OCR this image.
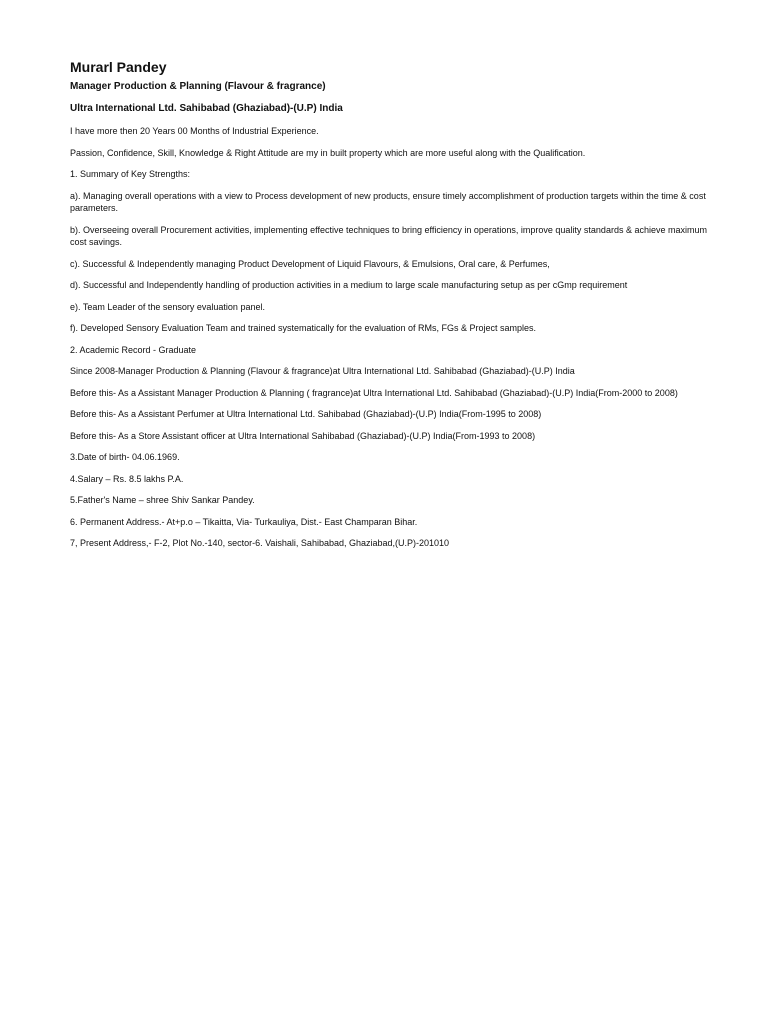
Murarl Pandey
Manager Production & Planning (Flavour & fragrance)
Ultra International Ltd. Sahibabad (Ghaziabad)-(U.P) India
I have more then 20 Years 00 Months of Industrial Experience.
Passion, Confidence, Skill, Knowledge & Right Attitude are my in built property which are more useful along with the Qualification.
1. Summary of Key Strengths:
a). Managing overall operations with a view to Process development of new products, ensure timely accomplishment of production targets within the time & cost parameters.
b). Overseeing overall Procurement activities, implementing effective techniques to bring efficiency in operations, improve quality standards & achieve maximum cost savings.
c). Successful & Independently managing Product Development of Liquid Flavours, & Emulsions, Oral care, & Perfumes,
d). Successful and Independently handling of production activities in a medium to large scale manufacturing setup as per cGmp requirement
e). Team Leader of the sensory evaluation panel.
f). Developed Sensory Evaluation Team and trained systematically for the evaluation of RMs, FGs & Project samples.
2. Academic Record - Graduate
Since 2008-Manager Production & Planning (Flavour & fragrance)at Ultra International Ltd. Sahibabad (Ghaziabad)-(U.P) India
Before this- As a Assistant Manager Production & Planning ( fragrance)at Ultra International Ltd. Sahibabad (Ghaziabad)-(U.P) India(From-2000 to 2008)
Before this- As a Assistant Perfumer at Ultra International Ltd. Sahibabad (Ghaziabad)-(U.P) India(From-1995 to 2008)
Before this- As a Store Assistant officer at Ultra International Sahibabad (Ghaziabad)-(U.P) India(From-1993 to 2008)
3.Date of birth- 04.06.1969.
4.Salary – Rs. 8.5 lakhs P.A.
5.Father's Name – shree Shiv Sankar Pandey.
6. Permanent Address.- At+p.o – Tikaitta, Via- Turkauliya, Dist.- East Champaran Bihar.
7, Present Address,- F-2, Plot No.-140, sector-6. Vaishali, Sahibabad, Ghaziabad,(U.P)-201010
